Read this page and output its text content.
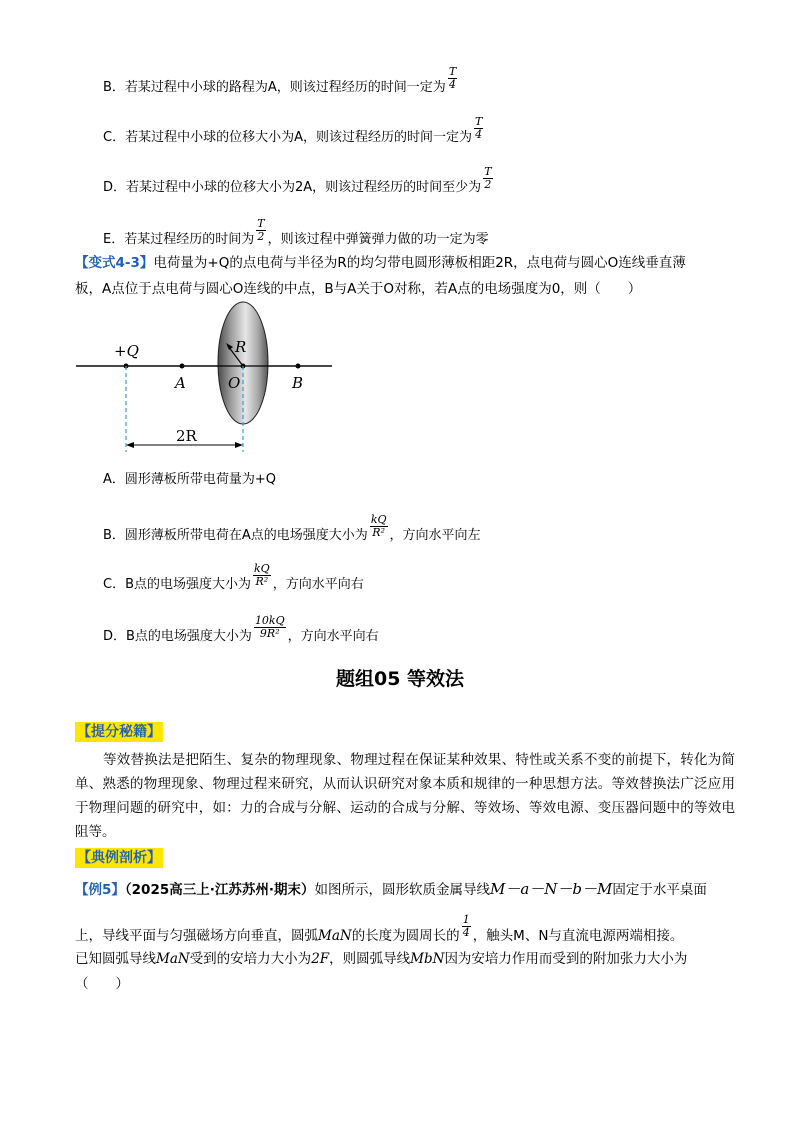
B．若某过程中小球的路程为A，则该过程经历的时间一定为 $\frac{T}{4}$
C．若某过程中小球的位移大小为A，则该过程经历的时间一定为 $\frac{T}{4}$
D．若某过程中小球的位移大小为2A，则该过程经历的时间至少为 $\frac{T}{2}$
E．若某过程经历的时间为 $\frac{T}{2}$ ，则该过程中弹簧弹力做的功一定为零
【变式4-3】电荷量为+Q的点电荷与半径为R的均匀带电圆形薄板相距2R，点电荷与圆心O连线垂直薄
板，A点位于点电荷与圆心O连线的中点，B与A关于O对称，若A点的电场强度为0，则（　　）
+Q
A	O
R
B
2R
A．圆形薄板所带电荷量为+Q
B．圆形薄板所带电荷在A点的电场强度大小为 $\frac{kQ}{\text{R²}}$ ，方向水平向左
C．B点的电场强度大小为 $\frac{kQ}{\text{R²}}$ ，方向水平向右
D．B点的电场强度大小为 $\frac{10kQ}{\text{9R²}}$ ，方向水平向右
题组05 等效法
【提分秘籍】
等效替换法是把陌生、复杂的物理现象、物理过程在保证某种效果、特性或关系不变的前提下，转化为简单、熟悉的物理现象、物理过程来研究，从而认识研究对象本质和规律的一种思想方法。等效替换法广泛应用于物理问题的研究中，如：力的合成与分解、运动的合成与分解、等效场、等效电源、变压器问题中的等效电阻等。
【典例剖析】
【例5】（2025高三上·江苏苏州·期末）如图所示，圆形软质金属导线M－a－N－b－M固定于水平桌面
上，导线平面与匀强磁场方向垂直，圆弧MaN的长度为圆周长的 $\frac{1}{4}$ ，触头M、N与直流电源两端相接。
已知圆弧导线MaN受到的安培力大小为2F，则圆弧导线MbN因为安培力作用而受到的附加张力大小为
（　　）
